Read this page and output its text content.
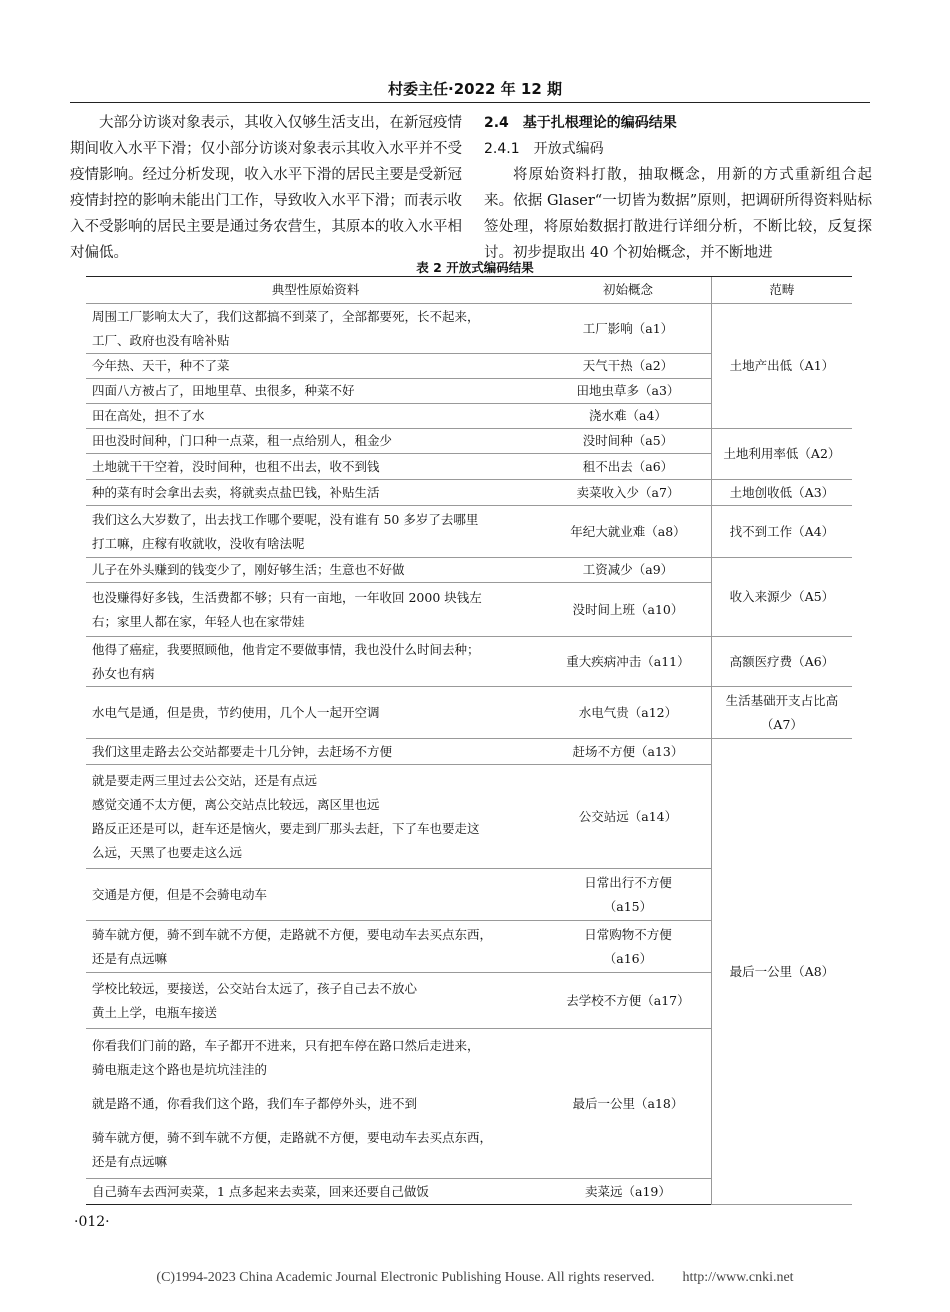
村委主任·2022 年 12 期

大部分访谈对象表示，其收入仅够生活支出，在新冠疫情期间收入水平下滑；仅小部分访谈对象表示其收入水平并不受疫情影响。经过分析发现，收入水平下滑的居民主要是受新冠疫情封控的影响未能出门工作，导致收入水平下滑；而表示收入不受影响的居民主要是通过务农营生，其原本的收入水平相对偏低。

2.4　基于扎根理论的编码结果
2.4.1　开放式编码

将原始资料打散，抽取概念，用新的方式重新组合起来。依据 Glaser“一切皆为数据”原则，把调研所得资料贴标签处理，将原始数据打散进行详细分析，不断比较，反复探讨。初步提取出 40 个初始概念，并不断地进

表 2 开放式编码结果
典型性原始资料	初始概念	范畴

周围工厂影响太大了，我们这都搞不到菜了，全部都要死，长不起来，
工厂、政府也没有啥补贴	工厂影响（a1）	土地产出低（A1）

今年热、天干，种不了菜	天气干热（a2）	

四面八方被占了，田地里草、虫很多，种菜不好	田地虫草多（a3）	

田在高处，担不了水	浇水难（a4）	

田也没时间种，门口种一点菜，租一点给别人，租金少	没时间种（a5）	土地利用率低（A2）

土地就干干空着，没时间种，也租不出去，收不到钱	租不出去（a6）	

种的菜有时会拿出去卖，将就卖点盐巴钱，补贴生活	卖菜收入少（a7）	土地创收低（A3）

我们这么大岁数了，出去找工作哪个要呢，没有谁有 50 多岁了去哪里
打工嘛，庄稼有收就收，没收有啥法呢	年纪大就业难（a8）	找不到工作（A4）

儿子在外头赚到的钱变少了，刚好够生活；生意也不好做	工资减少（a9）	收入来源少（A5）

也没赚得好多钱，生活费都不够；只有一亩地，一年收回 2000 块钱左
右；家里人都在家，年轻人也在家带娃	没时间上班（a10）	

他得了癌症，我要照顾他，他肯定不要做事情，我也没什么时间去种；
孙女也有病	重大疾病冲击（a11）	高额医疗费（A6）

水电气是通，但是贵，节约使用，几个人一起开空调	水电气贵（a12）	生活基础开支占比高
（A7）

我们这里走路去公交站都要走十几分钟，去赶场不方便	赶场不方便（a13）	最后一公里（A8）

就是要走两三里过去公交站，还是有点远
感觉交通不太方便，离公交站点比较远，离区里也远
路反正还是可以，赶车还是恼火，要走到厂那头去赶，下了车也要走这
么远，天黑了也要走这么远	公交站远（a14）	

交通是方便，但是不会骑电动车	日常出行不方便
（a15）	

骑车就方便，骑不到车就不方便，走路就不方便，要电动车去买点东西，
还是有点远嘛	日常购物不方便
（a16）	

学校比较远，要接送，公交站台太远了，孩子自己去不放心
黄土上学，电瓶车接送	去学校不方便（a17）	

你看我们门前的路，车子都开不进来，只有把车停在路口然后走进来，
骑电瓶走这个路也是坑坑洼洼的
就是路不通，你看我们这个路，我们车子都停外头，进不到
骑车就方便，骑不到车就不方便，走路就不方便，要电动车去买点东西，
还是有点远嘛	最后一公里（a18）	

自己骑车去西河卖菜，1 点多起来去卖菜，回来还要自己做饭	卖菜远（a19）	
·012·
(C)1994-2023 China Academic Journal Electronic Publishing House. All rights reserved.　　http://www.cnki.net
